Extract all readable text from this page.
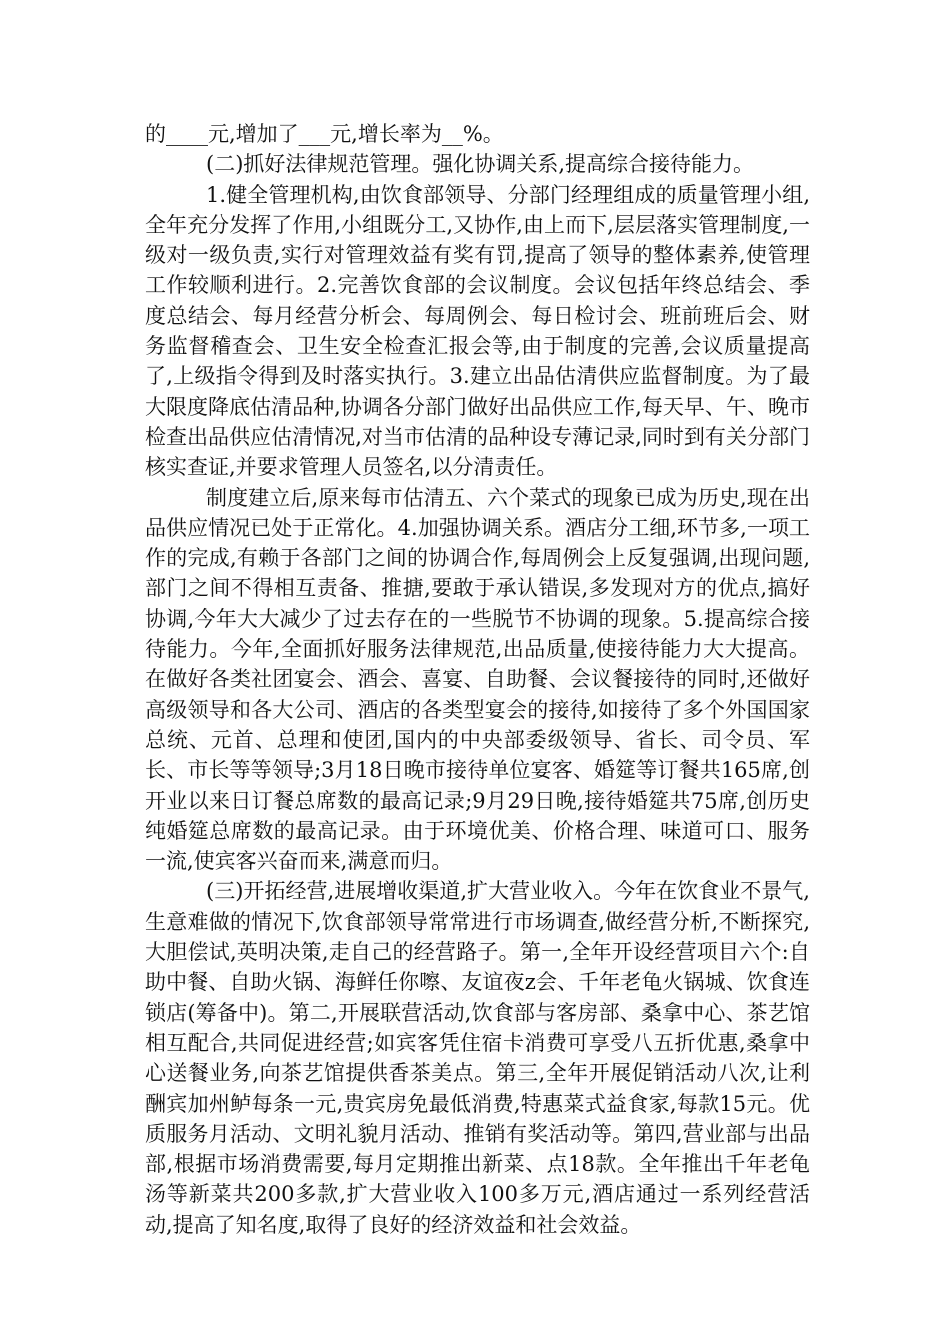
的____元,增加了___元,增长率为__%。

(二)抓好法律规范管理。强化协调关系,提高综合接待能力。

1.健全管理机构,由饮食部领导、分部门经理组成的质量管理小组,全年充分发挥了作用,小组既分工,又协作,由上而下,层层落实管理制度,一级对一级负责,实行对管理效益有奖有罚,提高了领导的整体素养,使管理工作较顺利进行。2.完善饮食部的会议制度。会议包括年终总结会、季度总结会、每月经营分析会、每周例会、每日检讨会、班前班后会、财务监督稽查会、卫生安全检查汇报会等,由于制度的完善,会议质量提高了,上级指令得到及时落实执行。3.建立出品估清供应监督制度。为了最大限度降底估清品种,协调各分部门做好出品供应工作,每天早、午、晚市检查出品供应估清情况,对当市估清的品种设专薄记录,同时到有关分部门核实查证,并要求管理人员签名,以分清责任。

制度建立后,原来每市估清五、六个菜式的现象已成为历史,现在出品供应情况已处于正常化。4.加强协调关系。酒店分工细,环节多,一项工作的完成,有赖于各部门之间的协调合作,每周例会上反复强调,出现问题,部门之间不得相互责备、推搪,要敢于承认错误,多发现对方的优点,搞好协调,今年大大减少了过去存在的一些脱节不协调的现象。5.提高综合接待能力。今年,全面抓好服务法律规范,出品质量,使接待能力大大提高。在做好各类社团宴会、酒会、喜宴、自助餐、会议餐接待的同时,还做好高级领导和各大公司、酒店的各类型宴会的接待,如接待了多个外国国家总统、元首、总理和使团,国内的中央部委级领导、省长、司令员、军长、市长等等领导;3月18日晚市接待单位宴客、婚筵等订餐共165席,创开业以来日订餐总席数的最高记录;9月29日晚,接待婚筵共75席,创历史纯婚筵总席数的最高记录。由于环境优美、价格合理、味道可口、服务一流,使宾客兴奋而来,满意而归。

(三)开拓经营,进展增收渠道,扩大营业收入。今年在饮食业不景气,生意难做的情况下,饮食部领导常常进行市场调查,做经营分析,不断探究,大胆偿试,英明决策,走自己的经营路子。第一,全年开设经营项目六个:自助中餐、自助火锅、海鲜任你嚓、友谊夜z会、千年老龟火锅城、饮食连锁店(筹备中)。第二,开展联营活动,饮食部与客房部、桑拿中心、茶艺馆相互配合,共同促进经营;如宾客凭住宿卡消费可享受八五折优惠,桑拿中心送餐业务,向茶艺馆提供香茶美点。第三,全年开展促销活动八次,让利酬宾加州鲈每条一元,贵宾房免最低消费,特惠菜式益食家,每款15元。优质服务月活动、文明礼貌月活动、推销有奖活动等。第四,营业部与出品部,根据市场消费需要,每月定期推出新菜、点18款。全年推出千年老龟汤等新菜共200多款,扩大营业收入100多万元,酒店通过一系列经营活动,提高了知名度,取得了良好的经济效益和社会效益。
